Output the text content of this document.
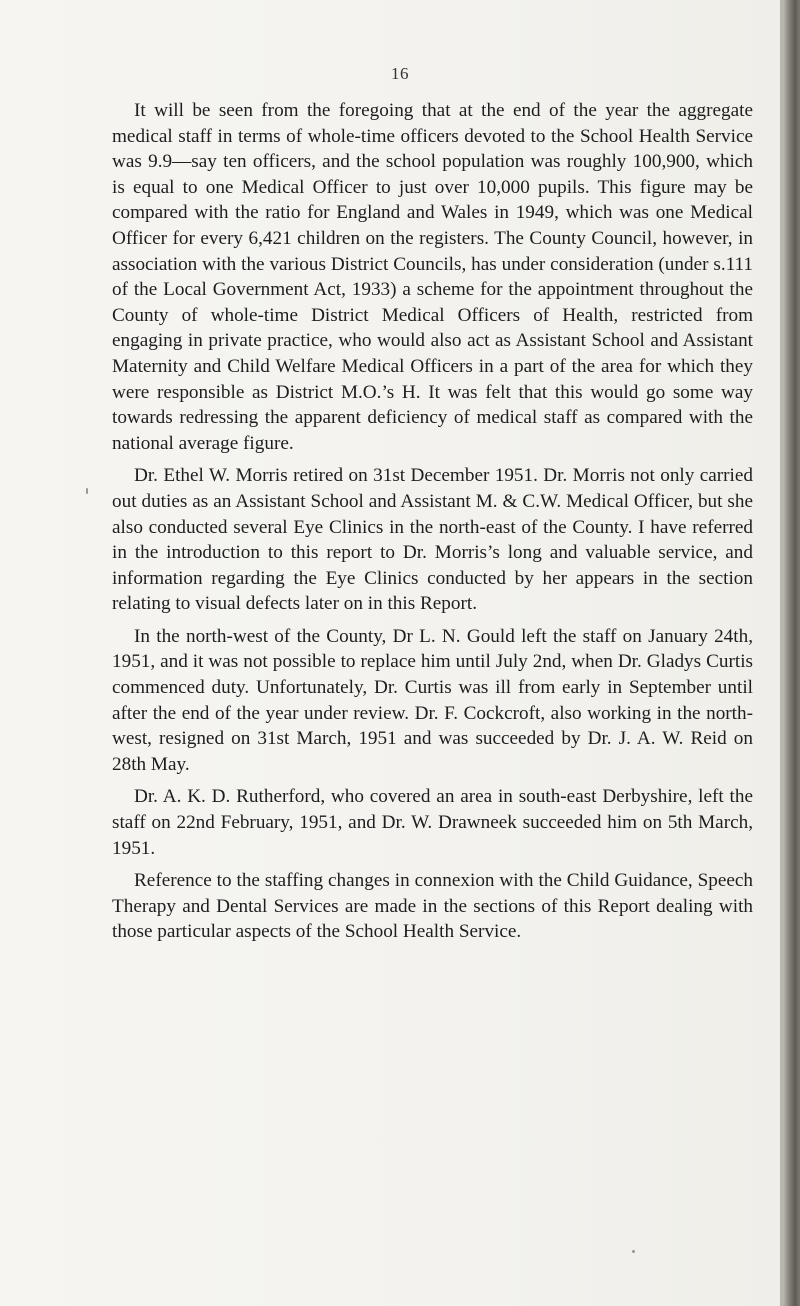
16

It will be seen from the foregoing that at the end of the year the aggregate medical staff in terms of whole-time officers devoted to the School Health Service was 9.9—say ten officers, and the school population was roughly 100,900, which is equal to one Medical Officer to just over 10,000 pupils. This figure may be compared with the ratio for England and Wales in 1949, which was one Medical Officer for every 6,421 children on the registers. The County Council, however, in association with the various District Councils, has under consideration (under s.111 of the Local Government Act, 1933) a scheme for the appointment throughout the County of whole-time District Medical Officers of Health, restricted from engaging in private practice, who would also act as Assistant School and Assistant Maternity and Child Welfare Medical Officers in a part of the area for which they were responsible as District M.O.’s H. It was felt that this would go some way towards redressing the apparent deficiency of medical staff as compared with the national average figure.

Dr. Ethel W. Morris retired on 31st December 1951. Dr. Morris not only carried out duties as an Assistant School and Assistant M. & C.W. Medical Officer, but she also conducted several Eye Clinics in the north-east of the County. I have referred in the introduction to this report to Dr. Morris’s long and valuable service, and information regarding the Eye Clinics conducted by her appears in the section relating to visual defects later on in this Report.

In the north-west of the County, Dr L. N. Gould left the staff on January 24th, 1951, and it was not possible to replace him until July 2nd, when Dr. Gladys Curtis commenced duty. Unfortunately, Dr. Curtis was ill from early in September until after the end of the year under review. Dr. F. Cockcroft, also working in the north-west, resigned on 31st March, 1951 and was succeeded by Dr. J. A. W. Reid on 28th May.

Dr. A. K. D. Rutherford, who covered an area in south-east Derbyshire, left the staff on 22nd February, 1951, and Dr. W. Drawneek succeeded him on 5th March, 1951.

Reference to the staffing changes in connexion with the Child Guidance, Speech Therapy and Dental Services are made in the sections of this Report dealing with those particular aspects of the School Health Service.
